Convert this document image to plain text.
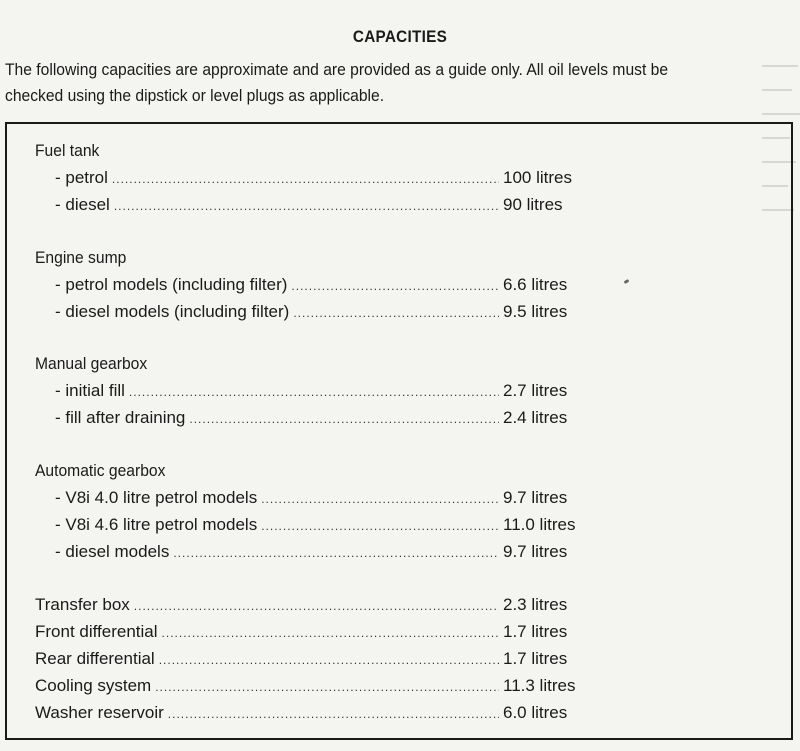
CAPACITIES
The following capacities are approximate and are provided as a guide only. All oil levels must be
checked using the dipstick or level plugs as applicable.
Fuel tank
- petrol .....	100 litres
- diesel .....	90 litres
Engine sump
- petrol models (including filter) .....	6.6 litres
- diesel models (including filter) .....	9.5 litres
Manual gearbox
- initial fill .....	2.7 litres
- fill after draining .....	2.4 litres
Automatic gearbox
- V8i 4.0 litre petrol models .....	9.7 litres
- V8i 4.6 litre petrol models .....	11.0 litres
- diesel models .....	9.7 litres
Transfer box .....	2.3 litres
Front differential .....	1.7 litres
Rear differential .....	1.7 litres
Cooling system .....	11.3 litres
Washer reservoir .....	6.0 litres
